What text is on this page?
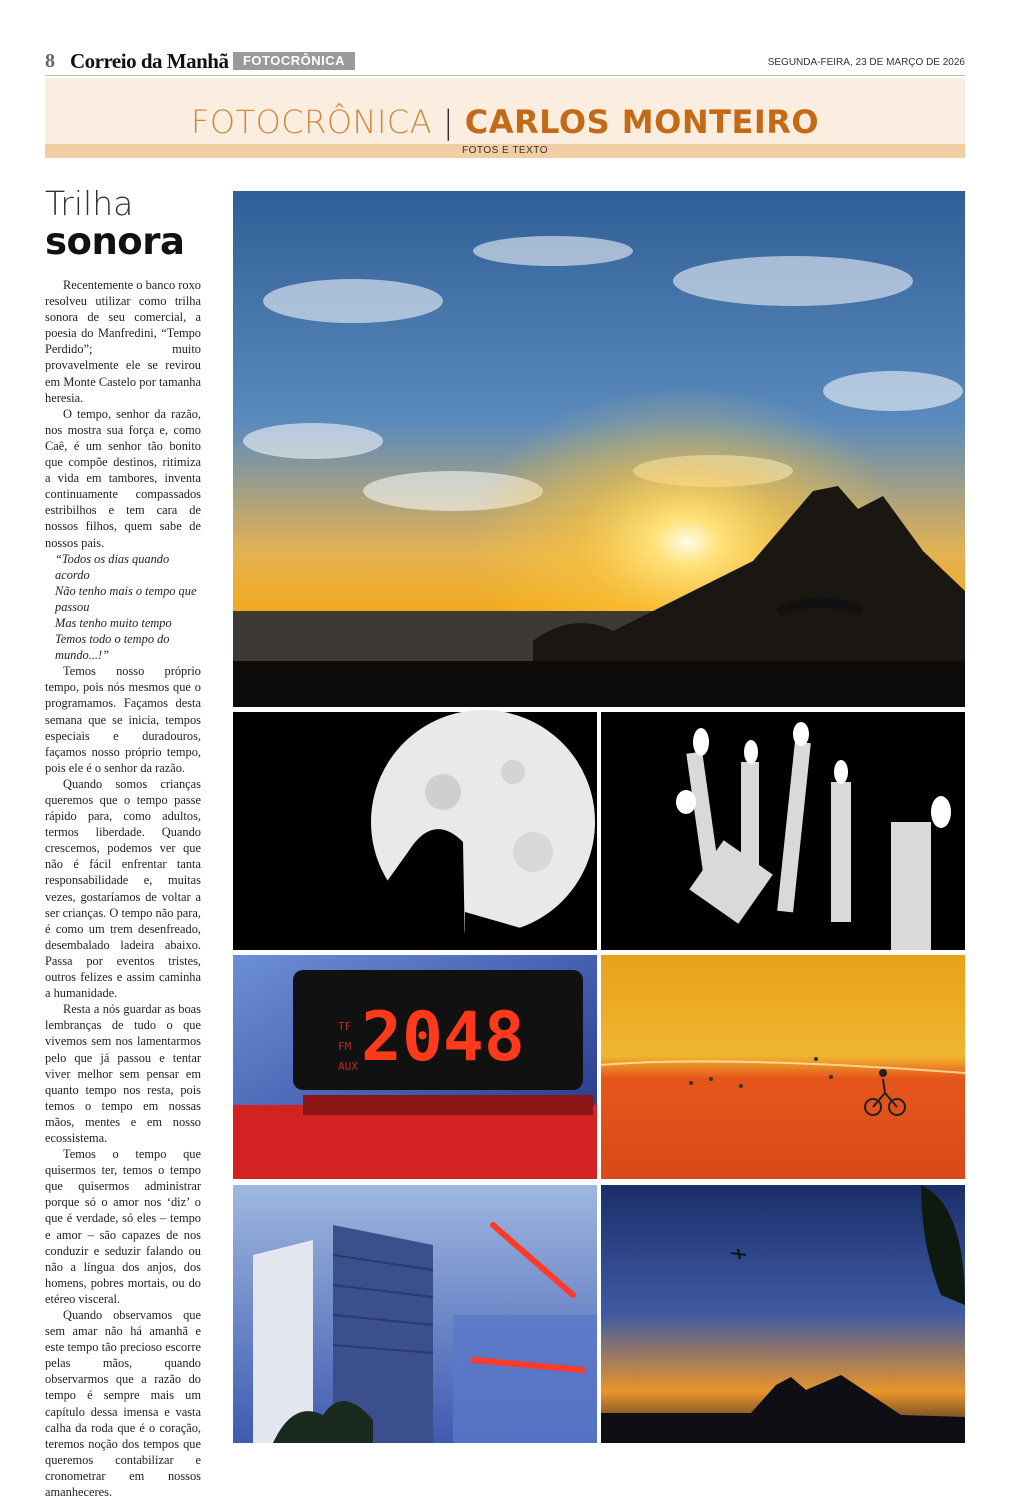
8 Correio da Manhã	FOTOCRÔNICA	SEGUNDA-FEIRA, 23 DE MARÇO DE 2026
FOTOCRÔNICA | CARLOS MONTEIRO
FOTOS E TEXTO
Trilha
sonora

Recentemente o banco roxo resolveu utilizar como trilha sonora de seu comercial, a poesia do Manfredini, “Tempo Perdido”; muito provavelmente ele se revirou em Monte Castelo por tamanha heresia.

O tempo, senhor da razão, nos mostra sua força e, como Caê, é um senhor tão bonito que compõe destinos, ritimiza a vida em tambores, inventa continuamente compassados estribilhos e tem cara de nossos filhos, quem sabe de nossos pais.

“Todos os dias quando acordo

Não tenho mais o tempo que passou

Mas tenho muito tempo

Temos todo o tempo do mundo...!”

Temos nosso próprio tempo, pois nós mesmos que o programamos. Façamos desta semana que se inicia, tempos especiais e duradouros, façamos nosso próprio tempo, pois ele é o senhor da razão.

Quando somos crianças queremos que o tempo passe rápido para, como adultos, termos liberdade. Quando crescemos, podemos ver que não é fácil enfrentar tanta responsabilidade e, muitas vezes, gostaríamos de voltar a ser crianças. O tempo não para, é como um trem desenfreado, desembalado ladeira abaixo. Passa por eventos tristes, outros felizes e assim caminha a humanidade.

Resta a nós guardar as boas lembranças de tudo o que vivemos sem nos lamentarmos pelo que já passou e tentar viver melhor sem pensar em quanto tempo nos resta, pois temos o tempo em nossas mãos, mentes e em nosso ecossistema.

Temos o tempo que quisermos ter, temos o tempo que quisermos administrar porque só o amor nos ‘diz’ o que é verdade, só eles – tempo e amor – são capazes de nos conduzir e seduzir falando ou não a língua dos anjos, dos homens, pobres mortais, ou do etéreo visceral.

Quando observamos que sem amar não há amanhã e este tempo tão precioso escorre pelas mãos, quando observarmos que a razão do tempo é sempre mais um capítulo dessa imensa e vasta calha da roda que é o coração, teremos noção dos tempos que queremos contabilizar e cronometrar em nossos amanheceres.

TF
FM
AUX 2048
